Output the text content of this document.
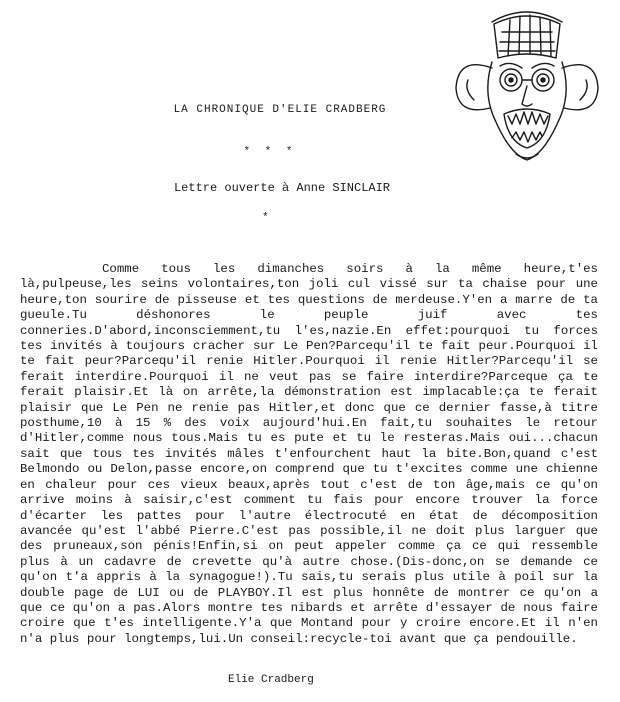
LA CHRONIQUE D'ELIE CRADBERG
* * *
Lettre ouverte à Anne SINCLAIR
*

Comme tous les dimanches soirs à la même heure,t'es là,pulpeuse,les seins volontaires,ton joli cul vissé sur ta chaise pour une heure,ton sourire de pisseuse et tes questions de merdeuse.Y'en a marre de ta gueule.Tu déshonores le peuple juif avec tes conneries.D'abord,inconsciemment,tu l'es,nazie.En effet:pourquoi tu forces tes invités à toujours cracher sur Le Pen?Parcequ'il te fait peur.Pourquoi il te fait peur?Parcequ'il renie Hitler.Pourquoi il renie Hitler?Parcequ'il se ferait interdire.Pourquoi il ne veut pas se faire interdire?Parceque ça te ferait plaisir.Et là on arrête,la démonstration est implacable:ça te ferait plaisir que Le Pen ne renie pas Hitler,et donc que ce dernier fasse,à titre posthume,10 à 15 % des voix aujourd'hui.En fait,tu souhaites le retour d'Hitler,comme nous tous.Mais tu es pute et tu le resteras.Mais oui...chacun sait que tous tes invités mâles t'enfourchent haut la bite.Bon,quand c'est Belmondo ou Delon,passe encore,on comprend que tu t'excites comme une chienne en chaleur pour ces vieux beaux,après tout c'est de ton âge,mais ce qu'on arrive moins à saisir,c'est comment tu fais pour encore trouver la force d'écarter les pattes pour l'autre électrocuté en état de décomposition avancée qu'est l'abbé Pierre.C'est pas possible,il ne doit plus larguer que des pruneaux,son pénis!Enfin,si on peut appeler comme ça ce qui ressemble plus à un cadavre de crevette qu'à autre chose.(Dis-donc,on se demande ce qu'on t'a appris à la synagogue!).Tu sais,tu serais plus utile à poil sur la double page de LUI ou de PLAYBOY.Il est plus honnête de montrer ce qu'on a que ce qu'on a pas.Alors montre tes nibards et arrête d'essayer de nous faire croire que t'es intelligente.Y'a que Montand pour y croire encore.Et il n'en n'a plus pour longtemps,lui.Un conseil:recycle-toi avant que ça pendouille.

Elie Cradberg
